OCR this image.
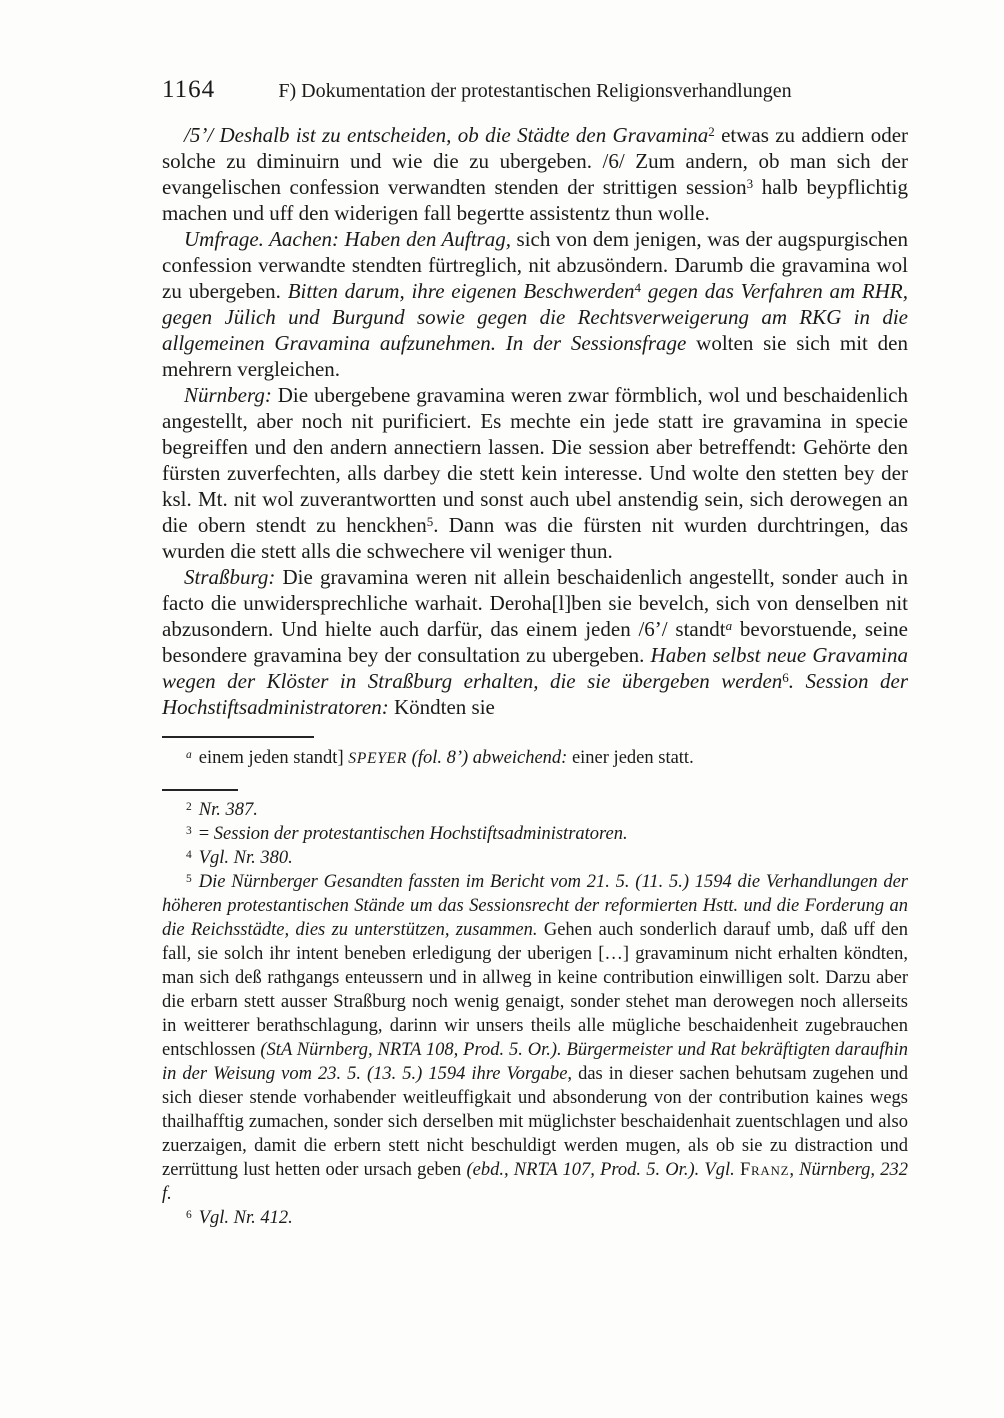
1164	F) Dokumentation der protestantischen Religionsverhandlungen

/5’/ Deshalb ist zu entscheiden, ob die Städte den Gravamina$^2$ etwas zu addiern oder solche zu diminuirn und wie die zu ubergeben. /6/ Zum andern, ob man sich der evangelischen confession verwandten stenden der strittigen session$^3$ halb beypflichtig machen und uff den widerigen fall begertte assistentz thun wolle.

Umfrage. Aachen: Haben den Auftrag, sich von dem jenigen, was der augspurgischen confession verwandte stendten fürtreglich, nit abzusöndern. Darumb die gravamina wol zu ubergeben. Bitten darum, ihre eigenen Beschwerden$^4$ gegen das Verfahren am RHR, gegen Jülich und Burgund sowie gegen die Rechtsverweigerung am RKG in die allgemeinen Gravamina aufzunehmen. In der Sessionsfrage wolten sie sich mit den mehrern vergleichen.

Nürnberg: Die ubergebene gravamina weren zwar förmblich, wol und beschaidenlich angestellt, aber noch nit purificiert. Es mechte ein jede statt ire gravamina in specie begreiffen und den andern annectiern lassen. Die session aber betreffendt: Gehörte den fürsten zuverfechten, alls darbey die stett kein interesse. Und wolte den stetten bey der ksl. Mt. nit wol zuverantwortten und sonst auch ubel anstendig sein, sich derowegen an die obern stendt zu henckhen$^5$. Dann was die fürsten nit wurden durchtringen, das wurden die stett alls die schwechere vil weniger thun.

Straßburg: Die gravamina weren nit allein beschaidenlich angestellt, sonder auch in facto die unwidersprechliche warhait. Deroha[l]ben sie bevelch, sich von denselben nit abzusondern. Und hielte auch darfür, das einem jeden /6’/ standt$^a$ bevorstuende, seine besondere gravamina bey der consultation zu ubergeben. Haben selbst neue Gravamina wegen der Klöster in Straßburg erhalten, die sie übergeben werden$^6$. Session der Hochstiftsadministratoren: Köndten sie

$^a$ einem jeden standt] SPEYER (fol. 8’) abweichend: einer jeden statt.

$^2$ Nr. 387.

$^3$ = Session der protestantischen Hochstiftsadministratoren.

$^4$ Vgl. Nr. 380.

$^5$ Die Nürnberger Gesandten fassten im Bericht vom 21. 5. (11. 5.) 1594 die Verhandlungen der höheren protestantischen Stände um das Sessionsrecht der reformierten Hstt. und die Forderung an die Reichsstädte, dies zu unterstützen, zusammen. Gehen auch sonderlich darauf umb, daß uff den fall, sie solch ihr intent beneben erledigung der uberigen […] gravaminum nicht erhalten köndten, man sich deß rathgangs enteussern und in allweg in keine contribution einwilligen solt. Darzu aber die erbarn stett ausser Straßburg noch wenig genaigt, sonder stehet man derowegen noch allerseits in weitterer berathschlagung, darinn wir unsers theils alle mügliche beschaidenheit zugebrauchen entschlossen (StA Nürnberg, NRTA 108, Prod. 5. Or.). Bürgermeister und Rat bekräftigten daraufhin in der Weisung vom 23. 5. (13. 5.) 1594 ihre Vorgabe, das in dieser sachen behutsam zugehen und sich dieser stende vorhabender weitleuffigkait und absonderung von der contribution kaines wegs thailhafftig zumachen, sonder sich derselben mit müglichster beschaidenhait zuentschlagen und also zuerzaigen, damit die erbern stett nicht beschuldigt werden mugen, als ob sie zu distraction und zerrüttung lust hetten oder ursach geben (ebd., NRTA 107, Prod. 5. Or.). Vgl. Franz, Nürnberg, 232 f.

$^6$ Vgl. Nr. 412.
